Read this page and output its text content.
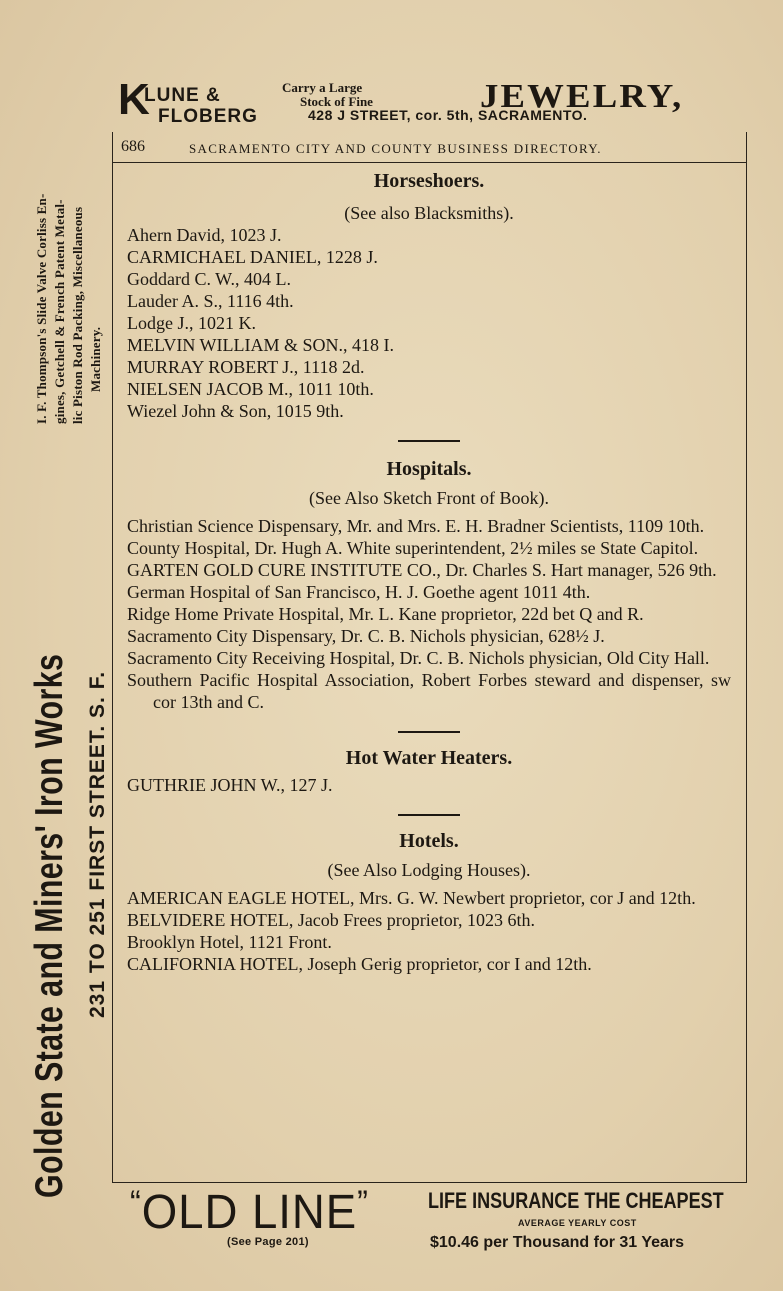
Golden State and Miners' Iron Works 231 TO 251 FIRST STREET. S. F.
I. F. Thompson's Slide Valve Corliss En- gines, Getchell & French Patent Metal- lic Piston Rod Packing, Miscellaneous Machinery.
K
LUNE &
FLOBERG
Carry a Large
Stock of Fine	JEWELRY,
428 J STREET, cor. 5th, SACRAMENTO.
686	SACRAMENTO CITY AND COUNTY BUSINESS DIRECTORY.

Horseshoers.

(See also Blacksmiths).

Ahern David, 1023 J.

CARMICHAEL DANIEL, 1228 J.

Goddard C. W., 404 L.

Lauder A. S., 1116 4th.

Lodge J., 1021 K.

MELVIN WILLIAM & SON., 418 I.

MURRAY ROBERT J., 1118 2d.

NIELSEN JACOB M., 1011 10th.

Wiezel John & Son, 1015 9th.

Hospitals.

(See Also Sketch Front of Book).

Christian Science Dispensary, Mr. and Mrs. E. H. Bradner Scientists, 1109 10th.

County Hospital, Dr. Hugh A. White superintendent, 2½ miles se State Capitol.

GARTEN GOLD CURE INSTITUTE CO., Dr. Charles S. Hart manager, 526 9th.

German Hospital of San Francisco, H. J. Goethe agent 1011 4th.

Ridge Home Private Hospital, Mr. L. Kane proprietor, 22d bet Q and R.

Sacramento City Dispensary, Dr. C. B. Nichols physician, 628½ J.

Sacramento City Receiving Hospital, Dr. C. B. Nichols physician, Old City Hall.

Southern Pacific Hospital Association, Robert Forbes steward and dispenser, sw cor 13th and C.

Hot Water Heaters.

GUTHRIE JOHN W., 127 J.

Hotels.

(See Also Lodging Houses).

AMERICAN EAGLE HOTEL, Mrs. G. W. Newbert proprietor, cor J and 12th.

BELVIDERE HOTEL, Jacob Frees proprietor, 1023 6th.

Brooklyn Hotel, 1121 Front.

CALIFORNIA HOTEL, Joseph Gerig proprietor, cor I and 12th.

“OLD LINE”
(See Page 201)
LIFE INSURANCE THE CHEAPEST
AVERAGE YEARLY COST
$10.46 per Thousand for 31 Years
